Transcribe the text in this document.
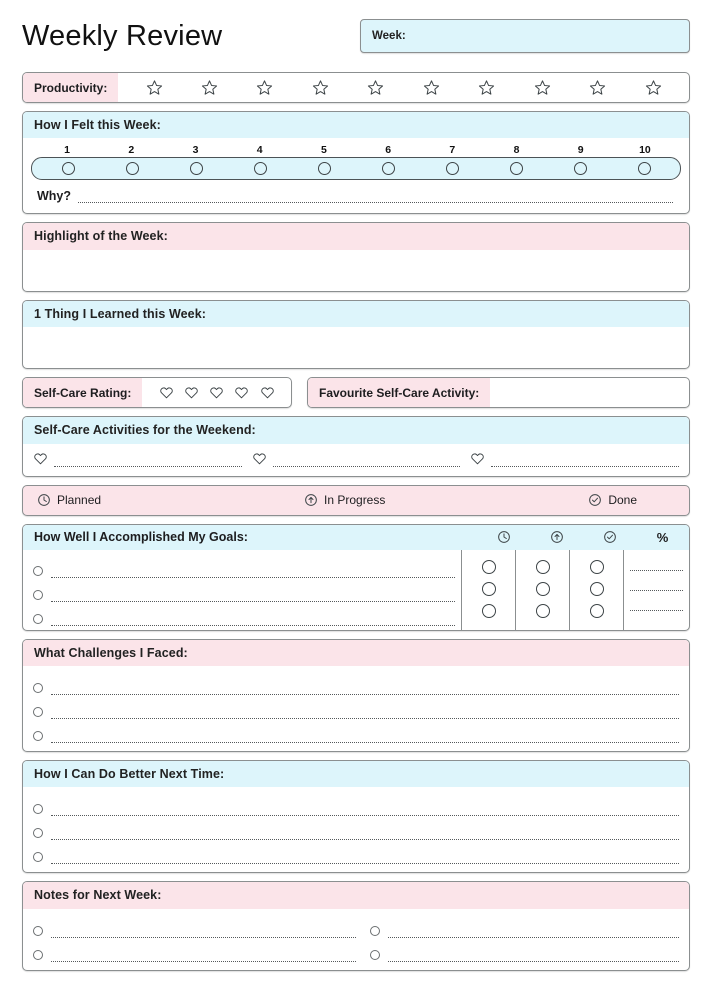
Weekly Review	Week:
Productivity:
How I Felt this Week:
1	2	3	4	5	6	7	8	9	10
Why?
Highlight of the Week:
1 Thing I Learned this Week:
Self-Care Rating:	Favourite Self-Care Activity:
Self-Care Activities for the Weekend:
Planned	In Progress	Done
How Well I Accomplished My Goals:	%
What Challenges I Faced:
How I Can Do Better Next Time:
Notes for Next Week:
